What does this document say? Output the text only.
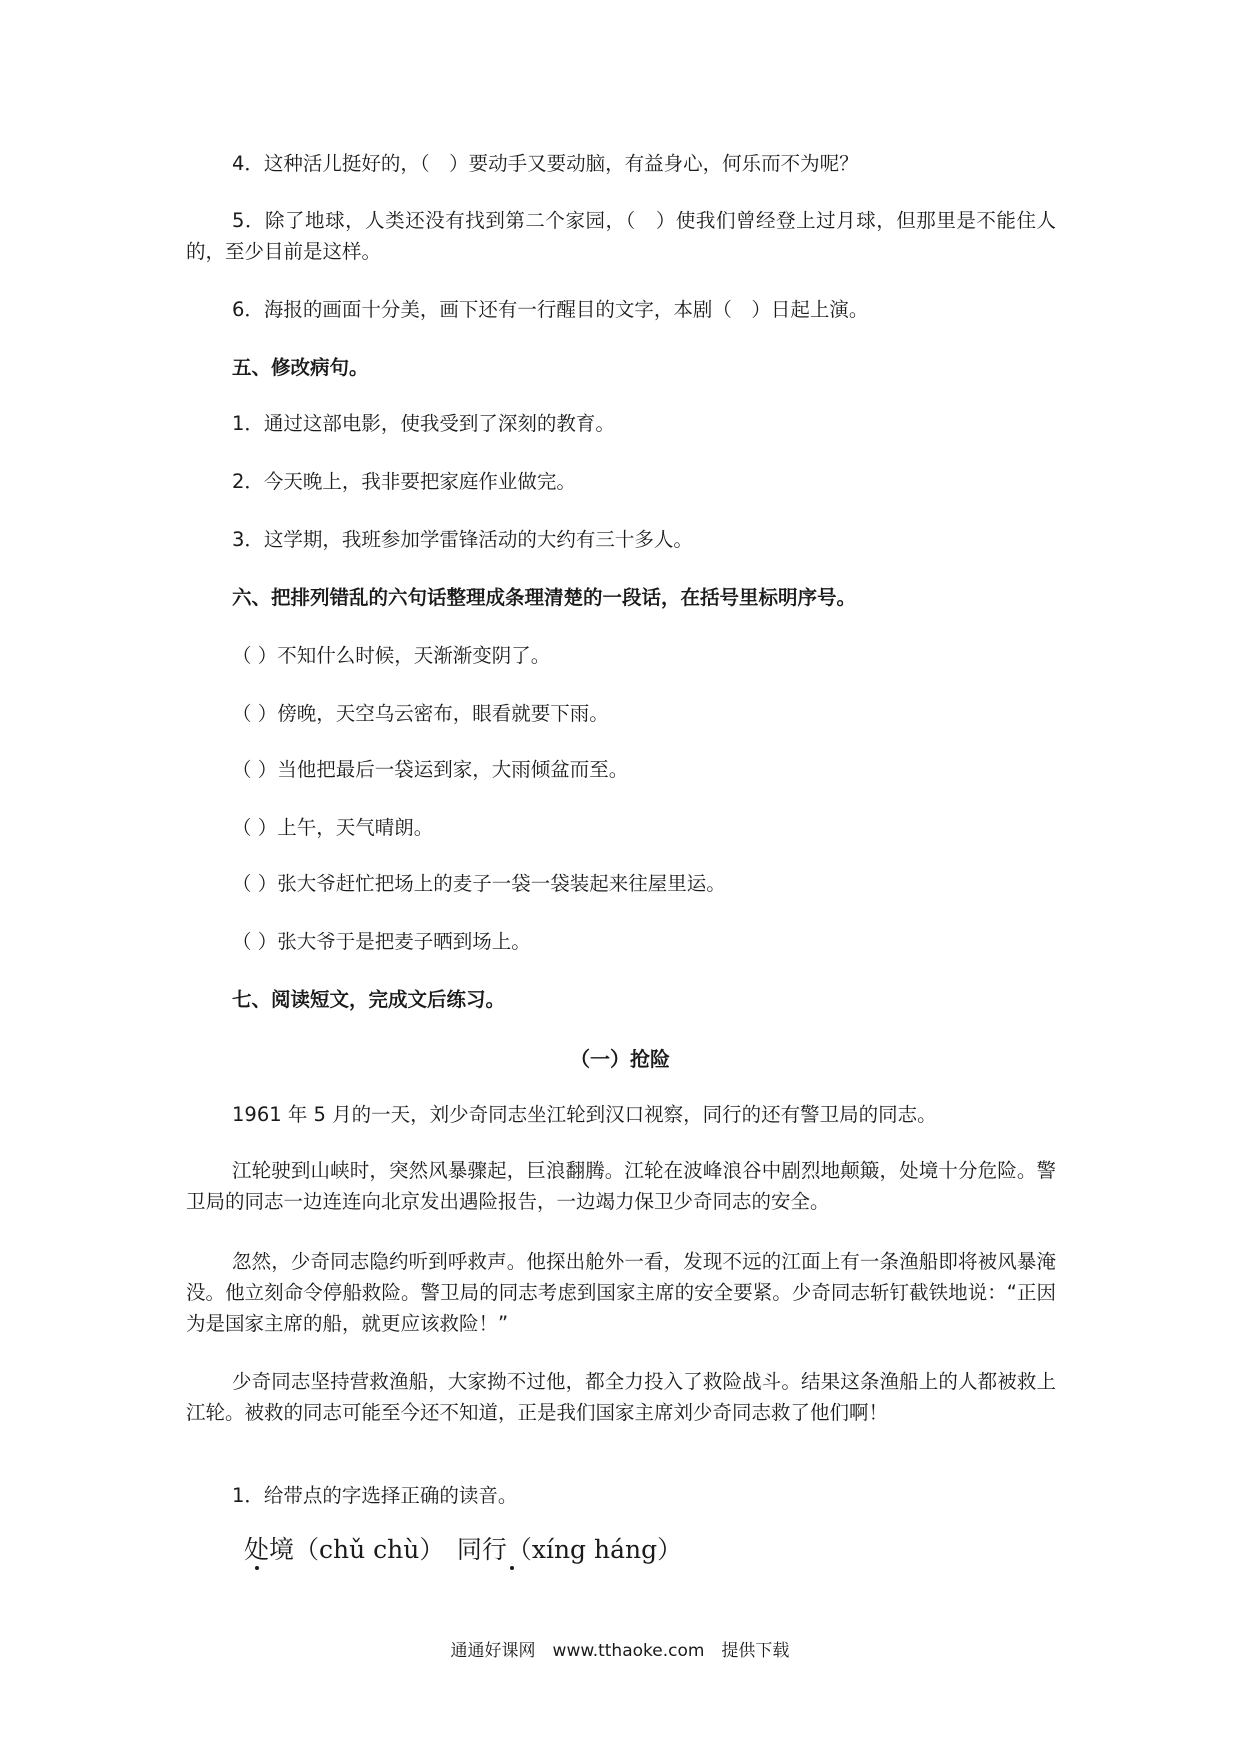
4．这种活儿挺好的，（　）要动手又要动脑，有益身心，何乐而不为呢？
5．除了地球，人类还没有找到第二个家园，（　）使我们曾经登上过月球，但那里是不能住人的，至少目前是这样。
6．海报的画面十分美，画下还有一行醒目的文字，本剧（　）日起上演。
五、修改病句。
1．通过这部电影，使我受到了深刻的教育。
2．今天晚上，我非要把家庭作业做完。
3．这学期，我班参加学雷锋活动的大约有三十多人。
六、把排列错乱的六句话整理成条理清楚的一段话，在括号里标明序号。
（ ）不知什么时候，天渐渐变阴了。
（ ）傍晚，天空乌云密布，眼看就要下雨。
（ ）当他把最后一袋运到家，大雨倾盆而至。
（ ）上午，天气晴朗。
（ ）张大爷赶忙把场上的麦子一袋一袋装起来往屋里运。
（ ）张大爷于是把麦子晒到场上。
七、阅读短文，完成文后练习。
（一）抢险
1961 年 5 月的一天，刘少奇同志坐江轮到汉口视察，同行的还有警卫局的同志。
江轮驶到山峡时，突然风暴骤起，巨浪翻腾。江轮在波峰浪谷中剧烈地颠簸，处境十分危险。警卫局的同志一边连连向北京发出遇险报告，一边竭力保卫少奇同志的安全。
忽然，少奇同志隐约听到呼救声。他探出舱外一看，发现不远的江面上有一条渔船即将被风暴淹没。他立刻命令停船救险。警卫局的同志考虑到国家主席的安全要紧。少奇同志斩钉截铁地说：“正因为是国家主席的船，就更应该救险！”
少奇同志坚持营救渔船，大家拗不过他，都全力投入了救险战斗。结果这条渔船上的人都被救上江轮。被救的同志可能至今还不知道，正是我们国家主席刘少奇同志救了他们啊！
1．给带点的字选择正确的读音。
处境（chǔ chù）　同行（xíng háng）
通通好课网　www.tthaoke.com　提供下载
